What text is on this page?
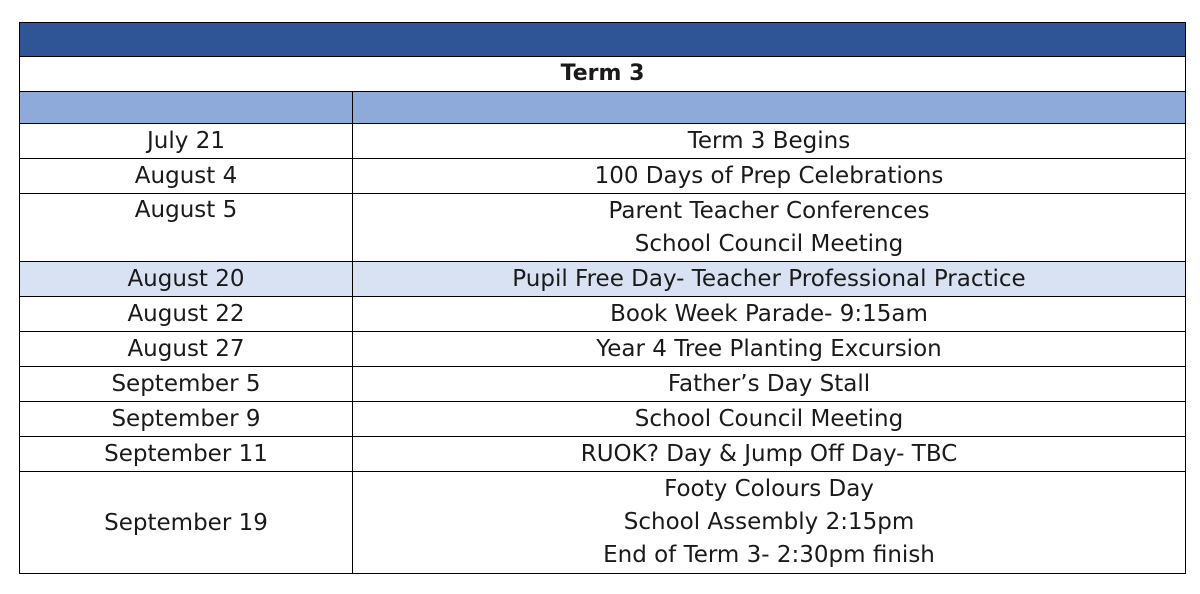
Term 3	

July 21	Term 3 Begins

August 4	100 Days of Prep Celebrations

August 5	Parent Teacher Conferences
School Council Meeting

August 20	Pupil Free Day- Teacher Professional Practice

August 22	Book Week Parade- 9:15am

August 27	Year 4 Tree Planting Excursion

September 5	Father’s Day Stall

September 9	School Council Meeting

September 11	RUOK? Day & Jump Off Day- TBC

September 19	Footy Colours Day
School Assembly 2:15pm
End of Term 3- 2:30pm finish
